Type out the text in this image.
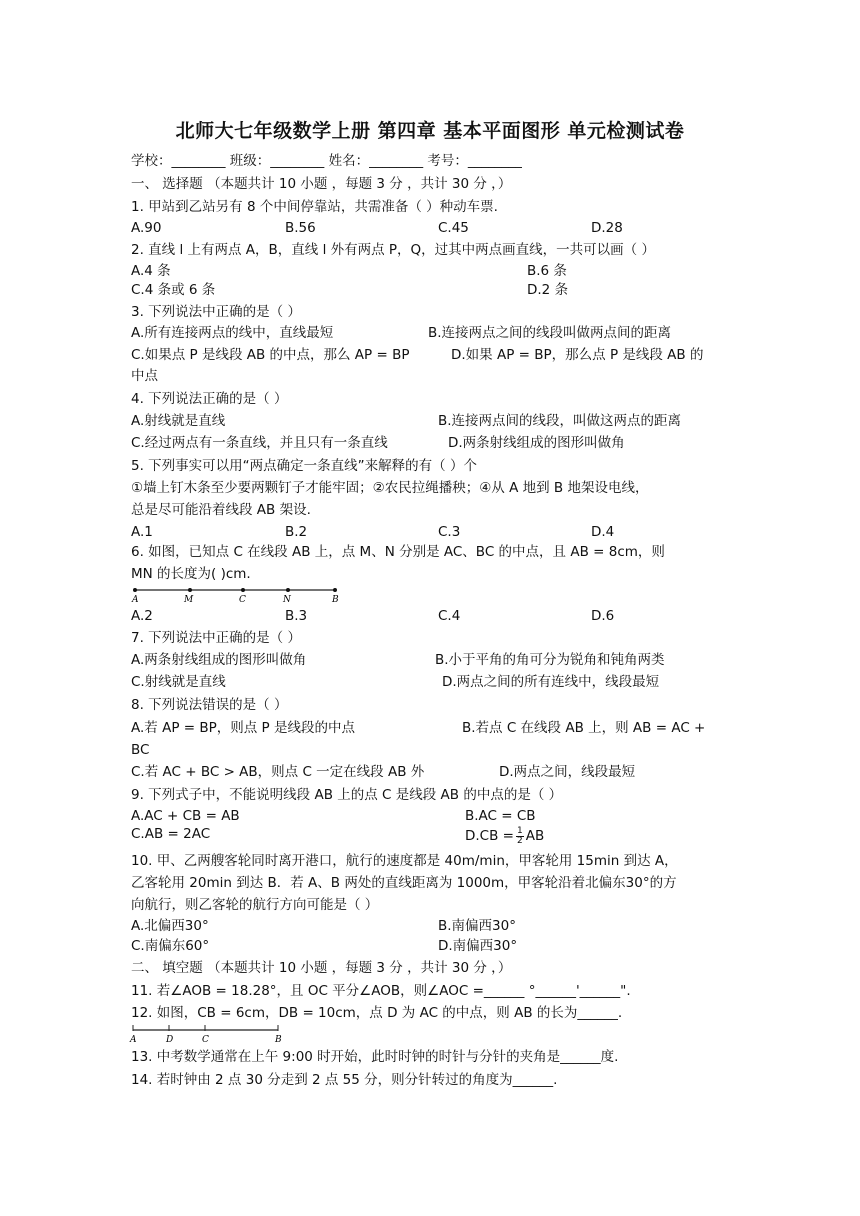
北师大七年级数学上册 第四章 基本平面图形 单元检测试卷
学校：________ 班级：________ 姓名：________ 考号：________
一、 选择题 （本题共计 10 小题 ，每题 3 分 ，共计 30 分 ，）
1. 甲站到乙站另有 8 个中间停靠站，共需准备（ ）种动车票.
A.90	B.56	C.45	D.28
2. 直线 l 上有两点 A，B，直线 l 外有两点 P，Q，过其中两点画直线，一共可以画（ ）
A.4 条	B.6 条
C.4 条或 6 条	D.2 条
3. 下列说法中正确的是（ ）
A.所有连接两点的线中，直线最短	B.连接两点之间的线段叫做两点间的距离
C.如果点 P 是线段 AB 的中点，那么 AP = BP	D.如果 AP = BP，那么点 P 是线段 AB 的
中点
4. 下列说法正确的是（ ）
A.射线就是直线	B.连接两点间的线段，叫做这两点的距离
C.经过两点有一条直线，并且只有一条直线	D.两条射线组成的图形叫做角
5. 下列事实可以用“两点确定一条直线”来解释的有（ ）个
①墙上钉木条至少要两颗钉子才能牢固；②农民拉绳播秧；④从 A 地到 B 地架设电线，
总是尽可能沿着线段 AB 架设.
A.1	B.2	C.3	D.4
6. 如图，已知点 C 在线段 AB 上，点 M、N 分别是 AC、BC 的中点，且 AB = 8cm，则
MN 的长度为( )cm.
A	M	C	N	B
A.2	B.3	C.4	D.6
7. 下列说法中正确的是（ ）
A.两条射线组成的图形叫做角	B.小于平角的角可分为锐角和钝角两类
C.射线就是直线	D.两点之间的所有连线中，线段最短
8. 下列说法错误的是（ ）
A.若 AP = BP，则点 P 是线段的中点	B.若点 C 在线段 AB 上，则 AB = AC +
BC
C.若 AC + BC > AB，则点 C 一定在线段 AB 外	D.两点之间，线段最短
9. 下列式子中，不能说明线段 AB 上的点 C 是线段 AB 的中点的是（ ）
A.AC + CB = AB	B.AC = CB
C.AB = 2AC	$D.CB = \frac{1}{2}$ AB
10. 甲、乙两艘客轮同时离开港口，航行的速度都是 40m/min，甲客轮用 15min 到达 A，
乙客轮用 20min 到达 B．若 A、B 两处的直线距离为 1000m，甲客轮沿着北偏东30°的方
向航行，则乙客轮的航行方向可能是（ ）
A.北偏西30°	B.南偏西30°
C.南偏东60°	D.南偏西30°
二、 填空题 （本题共计 10 小题 ，每题 3 分 ，共计 30 分 ，）
11. 若∠AOB = 18.28°，且 OC 平分∠AOB，则∠AOC =______ °______'______".
12. 如图，CB = 6cm，DB = 10cm，点 D 为 AC 的中点，则 AB 的长为______.
A	D	C	B
13. 中考数学通常在上午 9:00 时开始，此时时钟的时针与分针的夹角是______度.
14. 若时钟由 2 点 30 分走到 2 点 55 分，则分针转过的角度为______.
